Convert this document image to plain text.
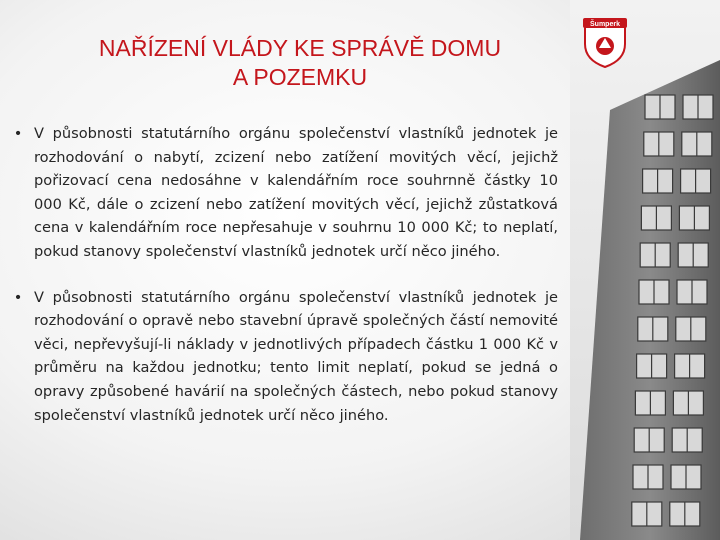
NAŘÍZENÍ VLÁDY KE SPRÁVĚ DOMU
A POZEMKU
• V působnosti statutárního orgánu společenství vlastníků jednotek je rozhodování o nabytí, zcizení nebo zatížení movitých věcí, jejichž pořizovací cena nedosáhne v kalendářním roce souhrnně částky 10 000 Kč, dále o zcizení nebo zatížení movitých věcí, jejichž zůstatková cena v kalendářním roce nepřesahuje v souhrnu 10 000 Kč; to neplatí, pokud stanovy společenství vlastníků jednotek určí něco jiného.
• V působnosti statutárního orgánu společenství vlastníků jednotek je rozhodování o opravě nebo stavební úpravě společných částí nemovité věci, nepřevyšují-li náklady v jednotlivých případech částku 1 000 Kč v průměru na každou jednotku; tento limit neplatí, pokud se jedná o opravy způsobené havárií na společných částech, nebo pokud stanovy společenství vlastníků jednotek určí něco jiného.
Šumperk
